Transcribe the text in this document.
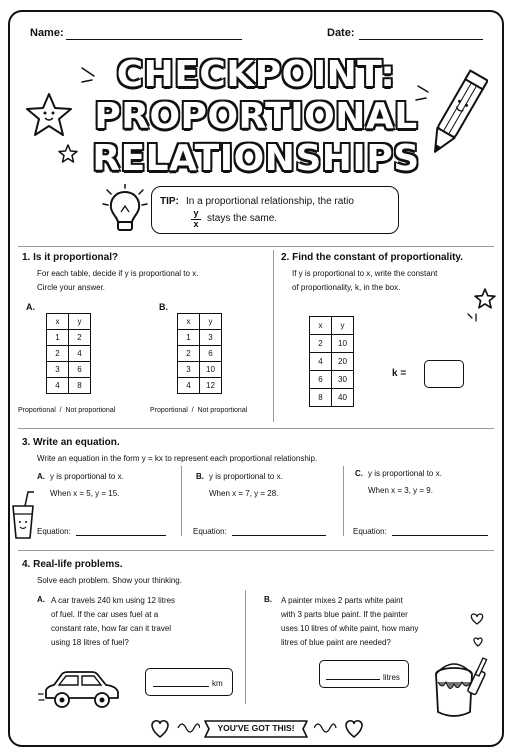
Name:	Date:
CHECKPOINT:
PROPORTIONAL
RELATIONSHIPS
TIP: In a proportional relationship, the ratio
y
x stays the same.
1. Is it proportional?
For each table, decide if y is proportional to x.
Circle your answer.
A.
x	y
1	2
2	4
3	6
4	8
Proportional  /  Not proportional
B.
x	y
1	3
2	6
3	10
4	12
Proportional  /  Not proportional
2. Find the constant of proportionality.
If y is proportional to x, write the constant
of proportionality, k, in the box.
x	y
2	10
4	20
6	30
8	40
k =
3. Write an equation.
Write an equation in the form y = kx to represent each proportional relationship.
A. y is proportional to x.
When x = 5, y = 15.
Equation:
B. y is proportional to x.
When x = 7, y = 28.
Equation:
C. y is proportional to x.
When x = 3, y = 9.
Equation:
4. Real-life problems.
Solve each problem. Show your thinking.
A. A car travels 240 km using 12 litres
of fuel. If the car uses fuel at a
constant rate, how far can it travel
using 18 litres of fuel?
km
B. A painter mixes 2 parts white paint
with 3 parts blue paint. If the painter
uses 10 litres of white paint, how many
litres of blue paint are needed?
litres
YOU'VE GOT THIS!
